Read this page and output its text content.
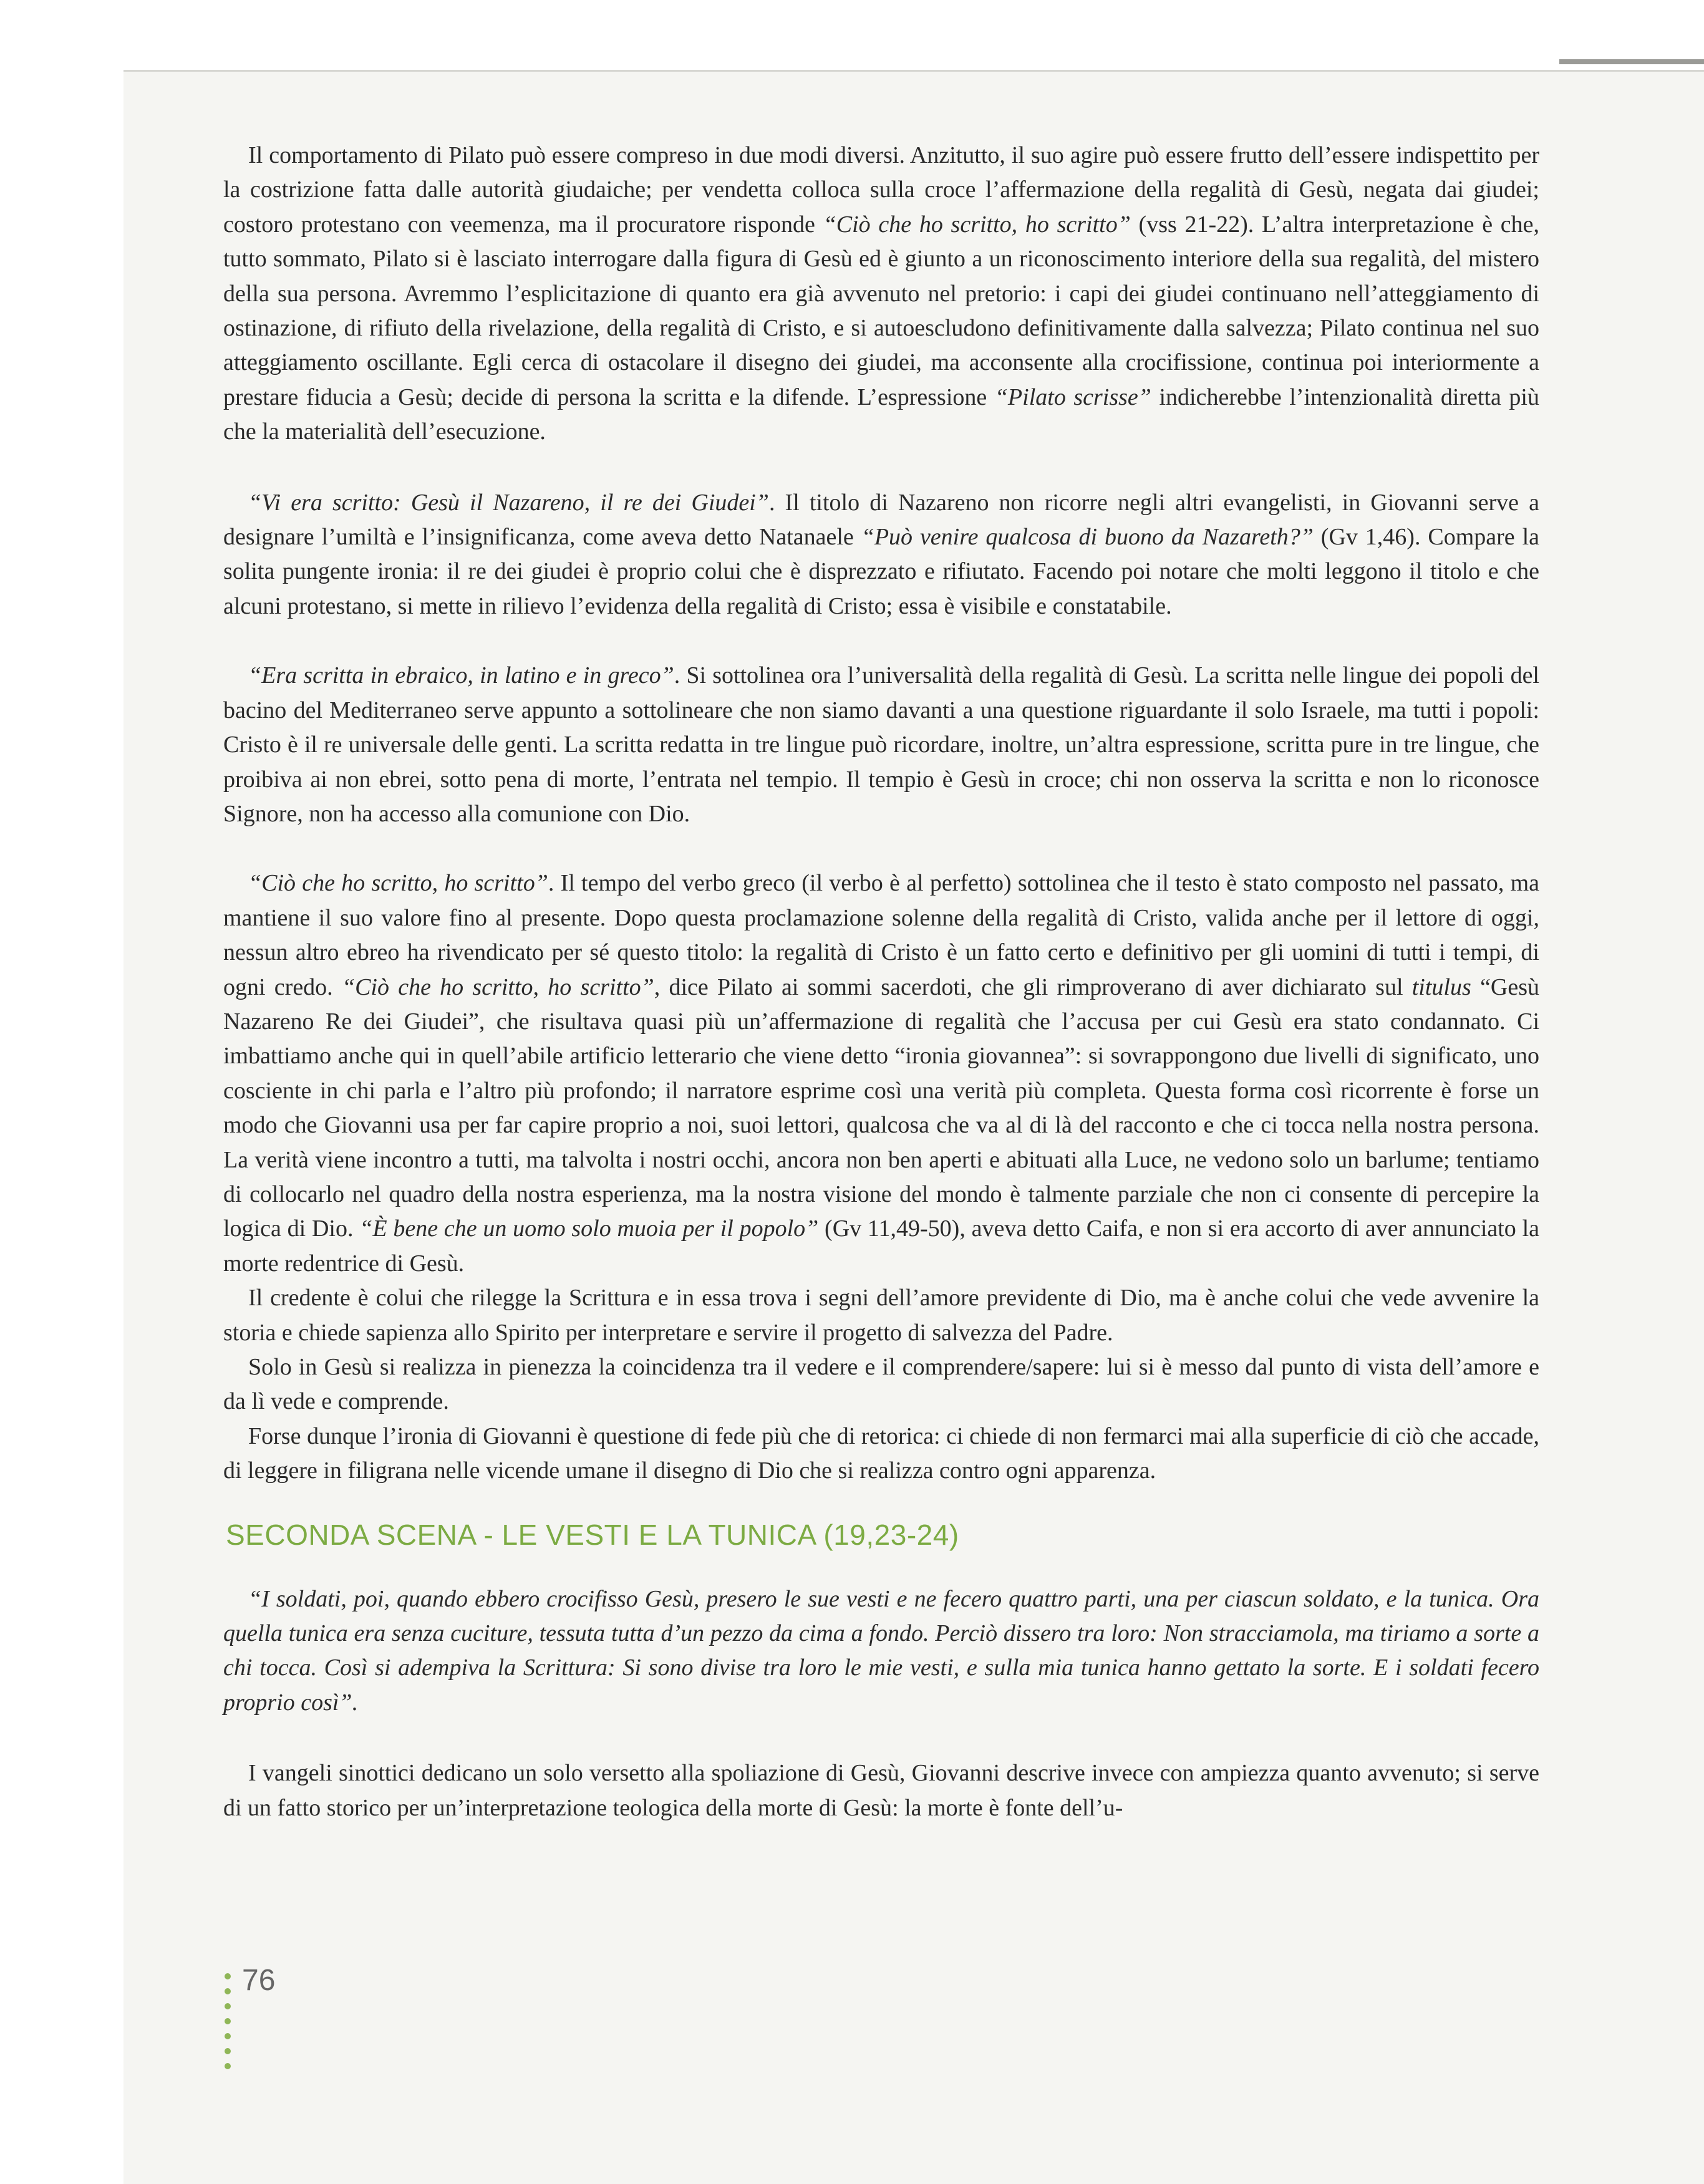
Il comportamento di Pilato può essere compreso in due modi diversi. Anzitutto, il suo agire può essere frutto dell’essere indispettito per la costrizione fatta dalle autorità giudaiche; per vendetta colloca sulla croce l’affermazione della regalità di Gesù, negata dai giudei; costoro protestano con veemenza, ma il procuratore risponde “Ciò che ho scritto, ho scritto” (vss 21-22). L’altra interpretazione è che, tutto sommato, Pilato si è lasciato interrogare dalla figura di Gesù ed è giunto a un riconoscimento interiore della sua regalità, del mistero della sua persona. Avremmo l’esplicitazione di quanto era già avvenuto nel pretorio: i capi dei giudei continuano nell’atteggiamento di ostinazione, di rifiuto della rivelazione, della regalità di Cristo, e si autoescludono definitivamente dalla salvezza; Pilato continua nel suo atteggiamento oscillante. Egli cerca di ostacolare il disegno dei giudei, ma acconsente alla crocifissione, continua poi interiormente a prestare fiducia a Gesù; decide di persona la scritta e la difende. L’espressione “Pilato scrisse” indicherebbe l’intenzionalità diretta più che la materialità dell’esecuzione.

“Vi era scritto: Gesù il Nazareno, il re dei Giudei”. Il titolo di Nazareno non ricorre negli altri evangelisti, in Giovanni serve a designare l’umiltà e l’insignificanza, come aveva detto Natanaele “Può venire qualcosa di buono da Nazareth?” (Gv 1,46). Compare la solita pungente ironia: il re dei giudei è proprio colui che è disprezzato e rifiutato. Facendo poi notare che molti leggono il titolo e che alcuni protestano, si mette in rilievo l’evidenza della regalità di Cristo; essa è visibile e constatabile.

“Era scritta in ebraico, in latino e in greco”. Si sottolinea ora l’universalità della regalità di Gesù. La scritta nelle lingue dei popoli del bacino del Mediterraneo serve appunto a sottolineare che non siamo davanti a una questione riguardante il solo Israele, ma tutti i popoli: Cristo è il re universale delle genti. La scritta redatta in tre lingue può ricordare, inoltre, un’altra espressione, scritta pure in tre lingue, che proibiva ai non ebrei, sotto pena di morte, l’entrata nel tempio. Il tempio è Gesù in croce; chi non osserva la scritta e non lo riconosce Signore, non ha accesso alla comunione con Dio.

“Ciò che ho scritto, ho scritto”. Il tempo del verbo greco (il verbo è al perfetto) sottolinea che il testo è stato composto nel passato, ma mantiene il suo valore fino al presente. Dopo questa proclamazione solenne della regalità di Cristo, valida anche per il lettore di oggi, nessun altro ebreo ha rivendicato per sé questo titolo: la regalità di Cristo è un fatto certo e definitivo per gli uomini di tutti i tempi, di ogni credo. “Ciò che ho scritto, ho scritto”, dice Pilato ai sommi sacerdoti, che gli rimproverano di aver dichiarato sul titulus “Gesù Nazareno Re dei Giudei”, che risultava quasi più un’affermazione di regalità che l’accusa per cui Gesù era stato condannato. Ci imbattiamo anche qui in quell’abile artificio letterario che viene detto “ironia giovannea”: si sovrappongono due livelli di significato, uno cosciente in chi parla e l’altro più profondo; il narratore esprime così una verità più completa. Questa forma così ricorrente è forse un modo che Giovanni usa per far capire proprio a noi, suoi lettori, qualcosa che va al di là del racconto e che ci tocca nella nostra persona. La verità viene incontro a tutti, ma talvolta i nostri occhi, ancora non ben aperti e abituati alla Luce, ne vedono solo un barlume; tentiamo di collocarlo nel quadro della nostra esperienza, ma la nostra visione del mondo è talmente parziale che non ci consente di percepire la logica di Dio. “È bene che un uomo solo muoia per il popolo” (Gv 11,49-50), aveva detto Caifa, e non si era accorto di aver annunciato la morte redentrice di Gesù.

Il credente è colui che rilegge la Scrittura e in essa trova i segni dell’amore previdente di Dio, ma è anche colui che vede avvenire la storia e chiede sapienza allo Spirito per interpretare e servire il progetto di salvezza del Padre.

Solo in Gesù si realizza in pienezza la coincidenza tra il vedere e il comprendere/sapere: lui si è messo dal punto di vista dell’amore e da lì vede e comprende.

Forse dunque l’ironia di Giovanni è questione di fede più che di retorica: ci chiede di non fermarci mai alla superficie di ciò che accade, di leggere in filigrana nelle vicende umane il disegno di Dio che si realizza contro ogni apparenza.

SECONDA SCENA - LE VESTI E LA TUNICA (19,23-24)

“I soldati, poi, quando ebbero crocifisso Gesù, presero le sue vesti e ne fecero quattro parti, una per ciascun soldato, e la tunica. Ora quella tunica era senza cuciture, tessuta tutta d’un pezzo da cima a fondo. Perciò dissero tra loro: Non stracciamola, ma tiriamo a sorte a chi tocca. Così si adempiva la Scrittura: Si sono divise tra loro le mie vesti, e sulla mia tunica hanno gettato la sorte. E i soldati fecero proprio così”.

I vangeli sinottici dedicano un solo versetto alla spoliazione di Gesù, Giovanni descrive invece con ampiezza quanto avvenuto; si serve di un fatto storico per un’interpretazione teologica della morte di Gesù: la morte è fonte dell’u-

76
